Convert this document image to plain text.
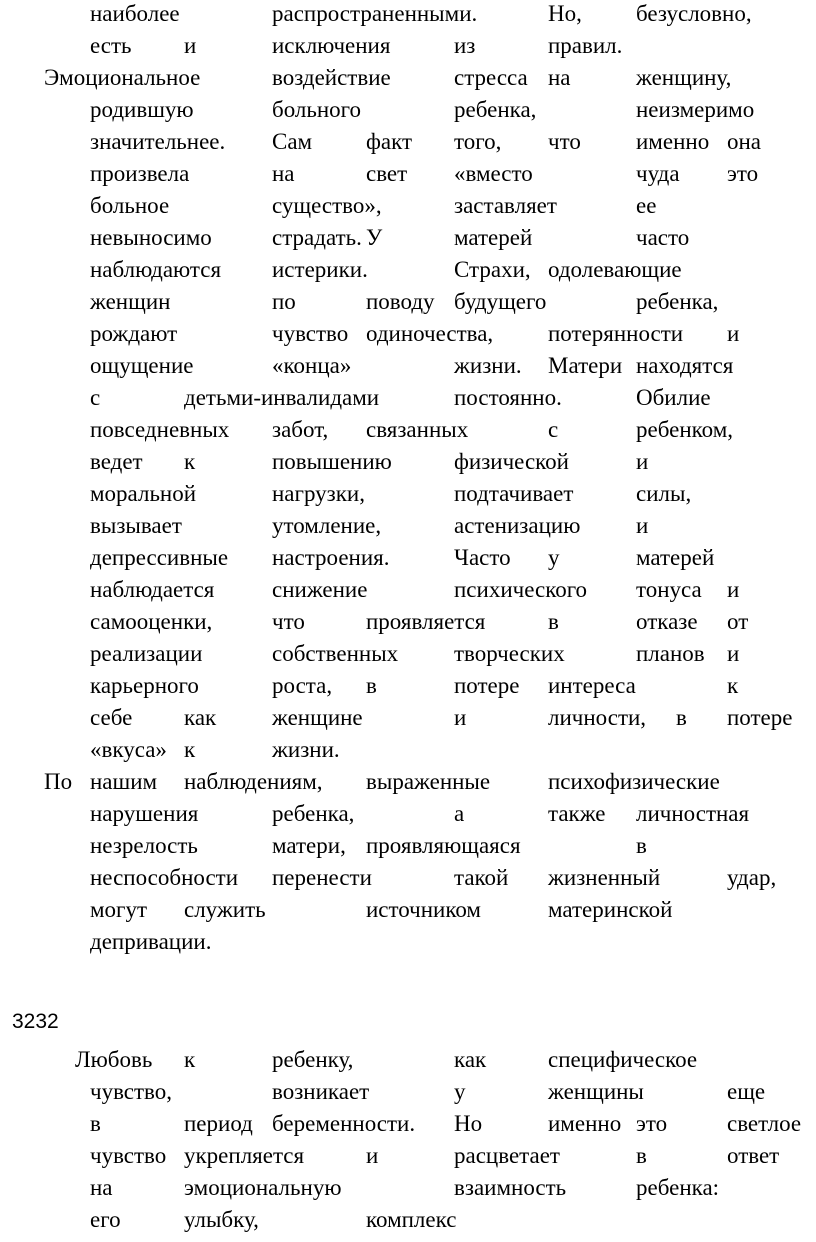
наиболее	распространенными.	Но, безусловно,
есть и	исключения	из	правил.
Эмоциональное	воздействие	стресса на	женщину,
родившую	больного	ребенка,	неизмеримо
значительнее. Сам факт того, что именно она
произвела	на	свет «вместо	чуда это
больное	существо»,	заставляет	ее
невыносимо	страдать. У	матерей	часто
наблюдаются истерики.	Страхи, одолевающие
женщин	по	поводу будущего	ребенка,
рождают	чувство одиночества, потерянности и
ощущение	«конца»	жизни. Матери находятся
с	детьми-инвалидами	постоянно.	Обилие
повседневных забот, связанных	с	ребенком,
ведет к	повышению	физической	и
моральной	нагрузки,	подтачивает	силы,
вызывает	утомление,	астенизацию и
депрессивные настроения.	Часто у	матерей
наблюдается	снижение	психического тонуса и
самооценки,	что	проявляется	в	отказе от
реализации	собственных творческих	планов и
карьерного	роста, в	потере интереса	к
себе как женщине	и	личности, в потере
«вкуса» к	жизни.
По нашим наблюдениям, выраженные	психофизические
нарушения	ребенка,	а	также личностная
незрелость	матери, проявляющаяся	в
неспособности перенести	такой жизненный	удар,
могут служить	источником	материнской
депривации.
Любовь к	ребенку,	как	специфическое
чувство,	возникает	у	женщины	еще
в	период беременности. Но	именно это	светлое
чувство укрепляется	и	расцветает	в	ответ
на	эмоциональную	взаимность	ребенка:
его	улыбку,	комплекс
3232
